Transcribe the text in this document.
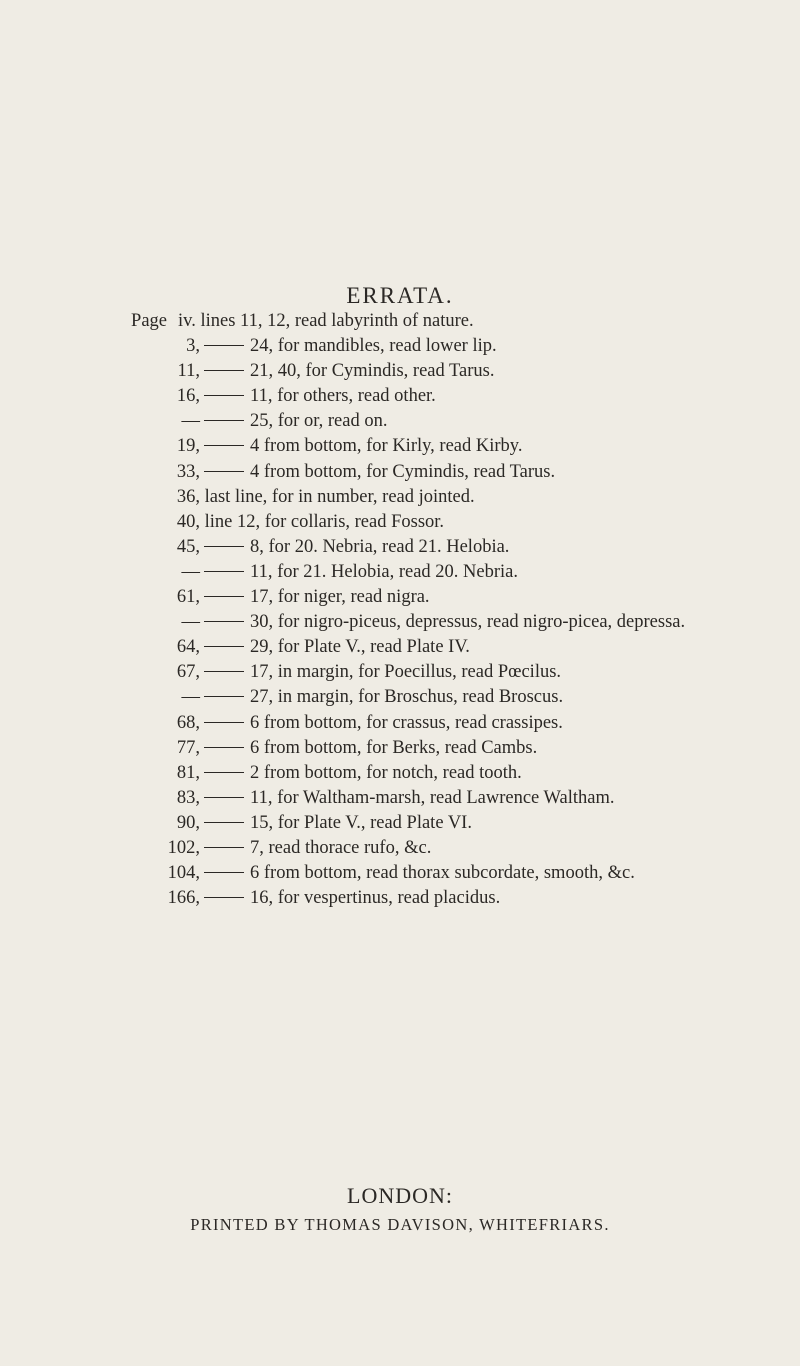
ERRATA.
Page iv. lines 11, 12, read labyrinth of nature.
3,	24, for mandibles, read lower lip.
11,	21, 40, for Cymindis, read Tarus.
16,	11, for others, read other.
—	25, for or, read on.
19,	4 from bottom, for Kirly, read Kirby.
33,	4 from bottom, for Cymindis, read Tarus.
36, last line, for in number, read jointed.
40, line 12, for collaris, read Fossor.
45,	8, for 20. Nebria, read 21. Helobia.
—	11, for 21. Helobia, read 20. Nebria.
61,	17, for niger, read nigra.
—	30, for nigro-piceus, depressus, read nigro-picea, depressa.
64,	29, for Plate V., read Plate IV.
67,	17, in margin, for Poecillus, read Pœcilus.
—	27, in margin, for Broschus, read Broscus.
68,	6 from bottom, for crassus, read crassipes.
77,	6 from bottom, for Berks, read Cambs.
81,	2 from bottom, for notch, read tooth.
83,	11, for Waltham-marsh, read Lawrence Waltham.
90,	15, for Plate V., read Plate VI.
102,	7, read thorace rufo, &c.
104,	6 from bottom, read thorax subcordate, smooth, &c.
166,	16, for vespertinus, read placidus.
LONDON:
PRINTED BY THOMAS DAVISON, WHITEFRIARS.
